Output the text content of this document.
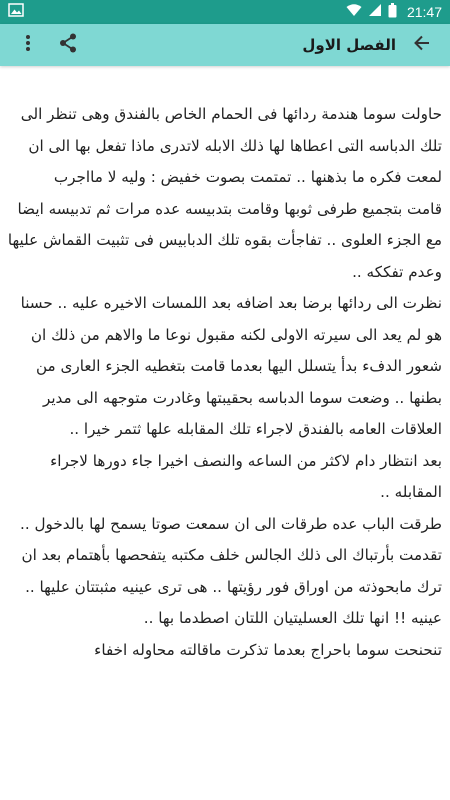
21:47
الفصل الاول

حاولت سوما هندمة ردائها فى الحمام الخاص بالفندق وهى تنظر الى تلك الدباسه التى اعطاها لها ذلك الابله لاتدرى ماذا تفعل بها الى ان لمعت فكره ما بذهنها .. تمتمت بصوت خفيض : وليه لا مااجرب

قامت بتجميع طرفى ثوبها وقامت بتدبيسه عده مرات ثم تدبيسه ايضا مع الجزء العلوى .. تفاجأت بقوه تلك الدبابيس فى تثبيت القماش عليها وعدم تفككه ..

نظرت الى ردائها برضا بعد اضافه بعد اللمسات الاخيره عليه .. حسنا هو لم يعد الى سيرته الاولى لكنه مقبول نوعا ما والاهم من ذلك ان شعور الدفء بدأ يتسلل اليها بعدما قامت بتغطيه الجزء العارى من بطنها .. وضعت سوما الدباسه بحقيبتها وغادرت متوجهه الى مدير العلاقات العامه بالفندق لاجراء تلك المقابله علها ثتمر خيرا ..

بعد انتظار دام لاكثر من الساعه والنصف اخيرا جاء دورها لاجراء المقابله ..

طرقت الباب عده طرقات الى ان سمعت صوتا يسمح لها بالدخول ..

تقدمت بأرتباك الى ذلك الجالس خلف مكتبه يتفحصها بأهتمام بعد ان ترك مابحوذته من اوراق فور رؤيتها .. هى ترى عينيه مثبتتان عليها .. عينيه !! انها تلك العسليتيان اللتان اصطدما بها ..

تنحنحت سوما باحراج بعدما تذكرت ماقالته محاوله اخفاء
